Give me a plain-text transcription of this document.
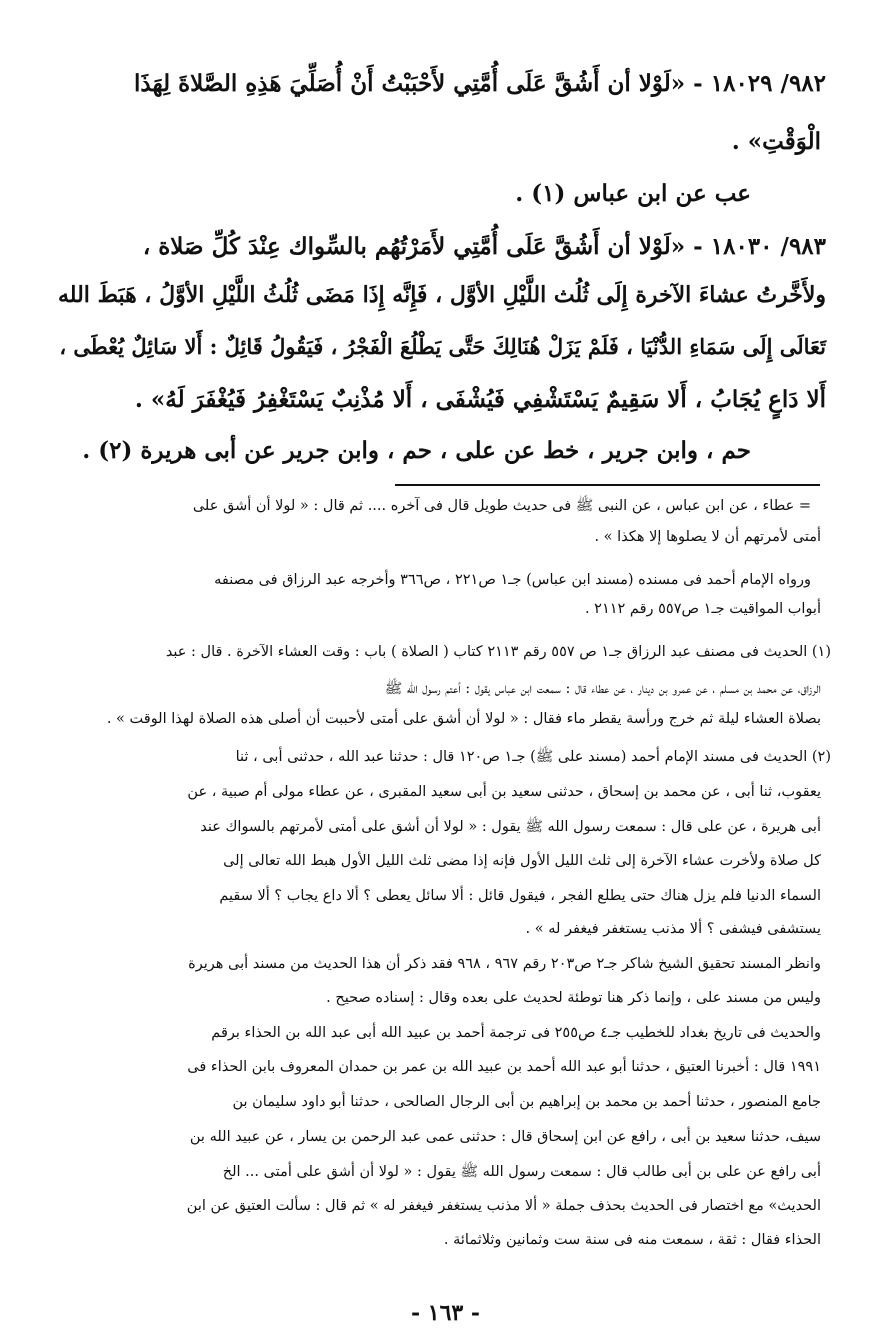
٩٨٢/ ١٨٠٢٩ - «لَوْلا أن أَشُقَّ عَلَى أُمَّتِي لأَحْبَبْتُ أَنْ أُصَلِّيَ هَذِهِ الصَّلاةَ لِهَذَا
الْوَقْتِ» .
عب عن ابن عباس (١) .
٩٨٣/ ١٨٠٣٠ - «لَوْلا أن أَشُقَّ عَلَى أُمَّتِي لأَمَرْتُهُم بالسِّواك عِنْدَ كُلِّ صَلاة ،
ولأَخَّرتُ عشاءَ الآخرة إِلَى ثُلُث اللَّيْلِ الأوَّل ، فَإِنَّه إِذَا مَضَى ثُلُثُ اللَّيْلِ الأوَّلُ ، هَبَطَ الله
تَعَالَى إِلَى سَمَاءِ الدُّنْيَا ، فَلَمْ يَزَلْ هُنَالِكَ حَتَّى يَطْلُعَ الْفَجْرُ ، فَيَقُولُ قَائِلٌ : أَلا سَائِلٌ يُعْطَى ،
أَلا دَاعٍ يُجَابُ ، أَلا سَقِيمٌ يَسْتَشْفِي فَيُشْفَى ، أَلا مُذْنِبٌ يَسْتَغْفِرُ فَيُغْفَرَ لَهُ» .
حم ، وابن جرير ، خط عن على ، حم ، وابن جرير عن أبى هريرة (٢) .
= عطاء ، عن ابن عباس ، عن النبى ﷺ فى حديث طويل قال فى آخره .... ثم قال : « لولا أن أشق على
أمتى لأمرتهم أن لا يصلوها إلا هكذا » .
ورواه الإمام أحمد فى مسنده (مسند ابن عباس) جـ١ ص٢٢١ ، ص٣٦٦ وأخرجه عبد الرزاق فى مصنفه
أبواب المواقيت جـ١ ص٥٥٧ رقم ٢١١٢ .
(١) الحديث فى مصنف عبد الرزاق جـ١ ص ٥٥٧ رقم ٢١١٣ كتاب ( الصلاة ) باب : وقت العشاء الآخرة . قال : عبد
الرزاق، عن محمد بن مسلم ، عن عمرو بن دينار ، عن عطاء قال : سمعت ابن عباس يقول : أعتم رسول الله ﷺ
بصلاة العشاء ليلة ثم خرج ورأسة يقطر ماء فقال : « لولا أن أشق على أمتى لأحببت أن أصلى هذه الصلاة لهذا الوقت » .
(٢) الحديث فى مسند الإمام أحمد (مسند على ﷺ) جـ١ ص١٢٠ قال : حدثنا عبد الله ، حدثنى أبى ، ثنا
يعقوب، ثنا أبى ، عن محمد بن إسحاق ، حدثنى سعيد بن أبى سعيد المقبرى ، عن عطاء مولى أم صبية ، عن
أبى هريرة ، عن على قال : سمعت رسول الله ﷺ يقول : « لولا أن أشق على أمتى لأمرتهم بالسواك عند
كل صلاة ولأخرت عشاء الآخرة إلى ثلث الليل الأول فإنه إذا مضى ثلث الليل الأول هبط الله تعالى إلى
السماء الدنيا فلم يزل هناك حتى يطلع الفجر ، فيقول قائل : ألا سائل يعطى ؟ ألا داع يجاب ؟ ألا سقيم
يستشفى فيشفى ؟ ألا مذنب يستغفر فيغفر له » .
وانظر المسند تحقيق الشيخ شاكر جـ٢ ص٢٠٣ رقم ٩٦٧ ، ٩٦٨ فقد ذكر أن هذا الحديث من مسند أبى هريرة
وليس من مسند على ، وإنما ذكر هنا توطئة لحديث على بعده وقال : إسناده صحيح .
والحديث فى تاريخ بغداد للخطيب جـ٤ ص٢٥٥ فى ترجمة أحمد بن عبيد الله أبى عبد الله بن الحذاء برقم
١٩٩١ قال : أخبرنا العتيق ، حدثنا أبو عبد الله أحمد بن عبيد الله بن عمر بن حمدان المعروف بابن الحذاء فى
جامع المنصور ، حدثنا أحمد بن محمد بن إبراهيم بن أبى الرجال الصالحى ، حدثنا أبو داود سليمان بن
سيف، حدثنا سعيد بن أبى ، رافع عن ابن إسحاق قال : حدثنى عمى عبد الرحمن بن يسار ، عن عبيد الله بن
أبى رافع عن على بن أبى طالب قال : سمعت رسول الله ﷺ يقول : « لولا أن أشق على أمتى ... الخ
الحديث» مع اختصار فى الحديث بحذف جملة « ألا مذنب يستغفر فيغفر له » ثم قال : سألت العتيق عن ابن
الحذاء فقال : ثقة ، سمعت منه فى سنة ست وثمانين وثلاثمائة .
- ١٦٣ -
